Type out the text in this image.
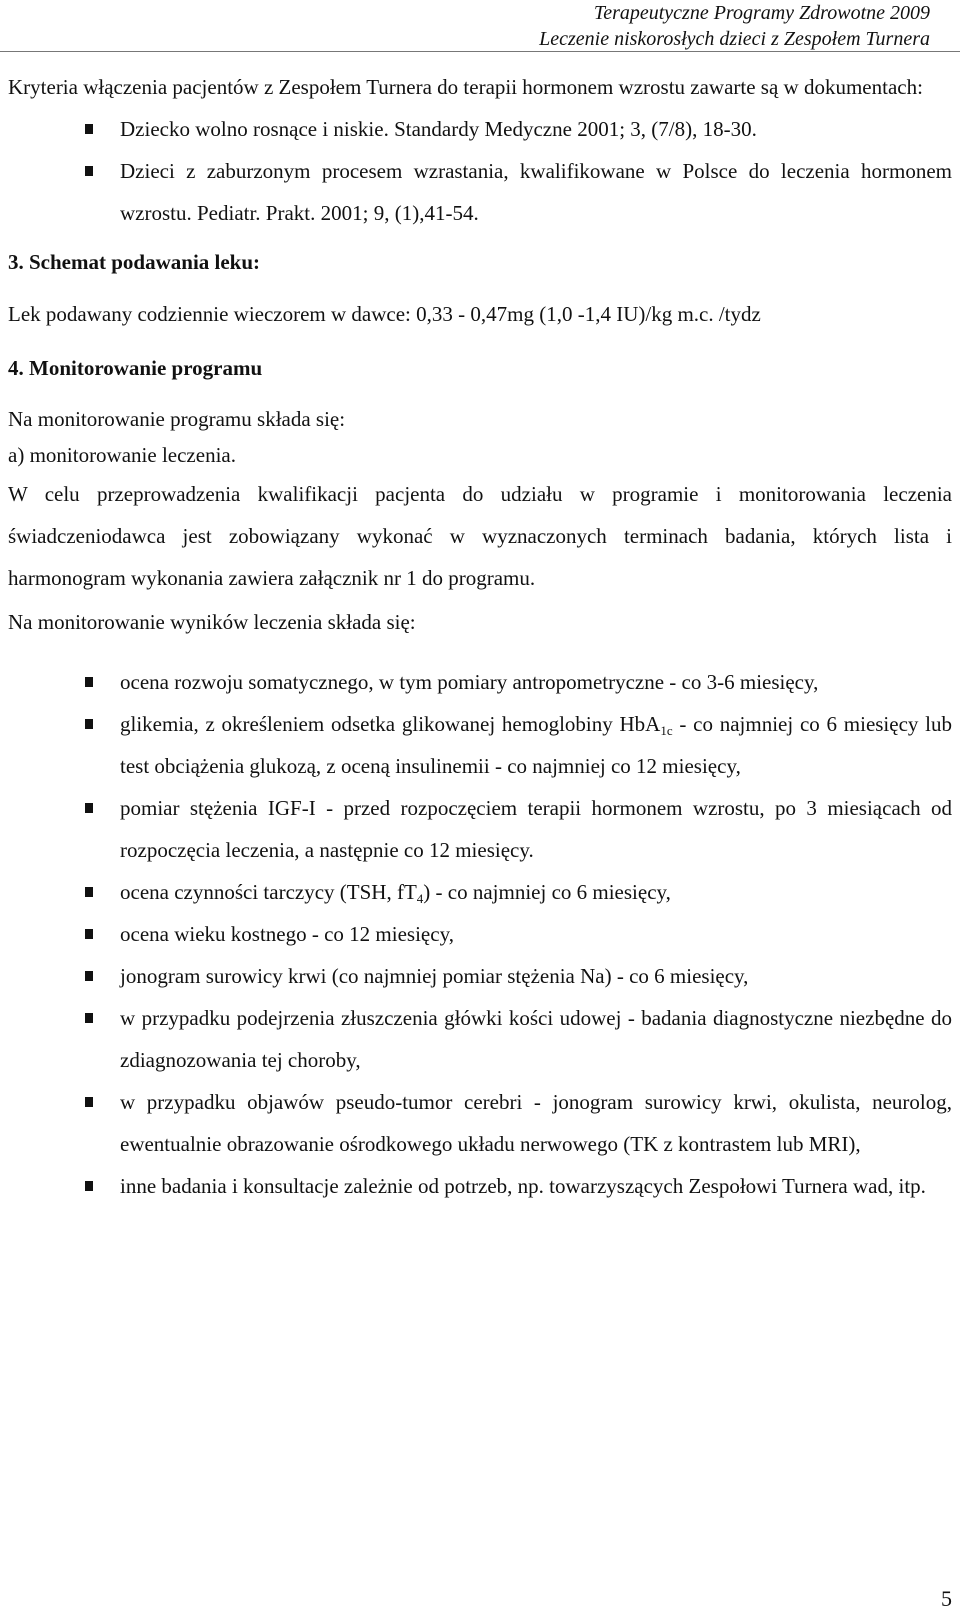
Terapeutyczne Programy Zdrowotne 2009
Leczenie niskorosłych dzieci z Zespołem Turnera

Kryteria włączenia pacjentów z Zespołem Turnera do terapii hormonem wzrostu zawarte są w dokumentach:

Dziecko wolno rosnące i niskie. Standardy Medyczne 2001; 3, (7/8), 18-30.
Dzieci z zaburzonym procesem wzrastania, kwalifikowane w Polsce do leczenia hormonem wzrostu. Pediatr. Prakt. 2001; 9, (1),41-54.

3. Schemat podawania leku:

Lek podawany codziennie wieczorem w dawce: 0,33 - 0,47mg (1,0 -1,4 IU)/kg m.c. /tydz

4. Monitorowanie programu

Na monitorowanie programu składa się:

a) monitorowanie leczenia.

W celu przeprowadzenia kwalifikacji pacjenta do udziału w programie i monitorowania leczenia świadczeniodawca jest zobowiązany wykonać w wyznaczonych terminach badania, których lista i harmonogram wykonania zawiera załącznik nr 1 do programu.

Na monitorowanie wyników leczenia składa się:

ocena rozwoju somatycznego, w tym pomiary antropometryczne - co 3-6 miesięcy,
glikemia, z określeniem odsetka glikowanej hemoglobiny HbA$_{1c}$ - co najmniej co 6 miesięcy lub test obciążenia glukozą, z oceną insulinemii - co najmniej co 12 miesięcy,
pomiar stężenia IGF-I - przed rozpoczęciem terapii hormonem wzrostu, po 3 miesiącach od rozpoczęcia leczenia, a następnie co 12 miesięcy.
ocena czynności tarczycy (TSH, $fT_4$) - co najmniej co 6 miesięcy,
ocena wieku kostnego - co 12 miesięcy,
jonogram surowicy krwi (co najmniej pomiar stężenia Na) - co 6 miesięcy,
w przypadku podejrzenia złuszczenia główki kości udowej - badania diagnostyczne niezbędne do zdiagnozowania tej choroby,
w przypadku objawów pseudo-tumor cerebri - jonogram surowicy krwi, okulista, neurolog, ewentualnie obrazowanie ośrodkowego układu nerwowego (TK z kontrastem lub MRI),
inne badania i konsultacje zależnie od potrzeb, np. towarzyszących Zespołowi Turnera wad, itp.
5
